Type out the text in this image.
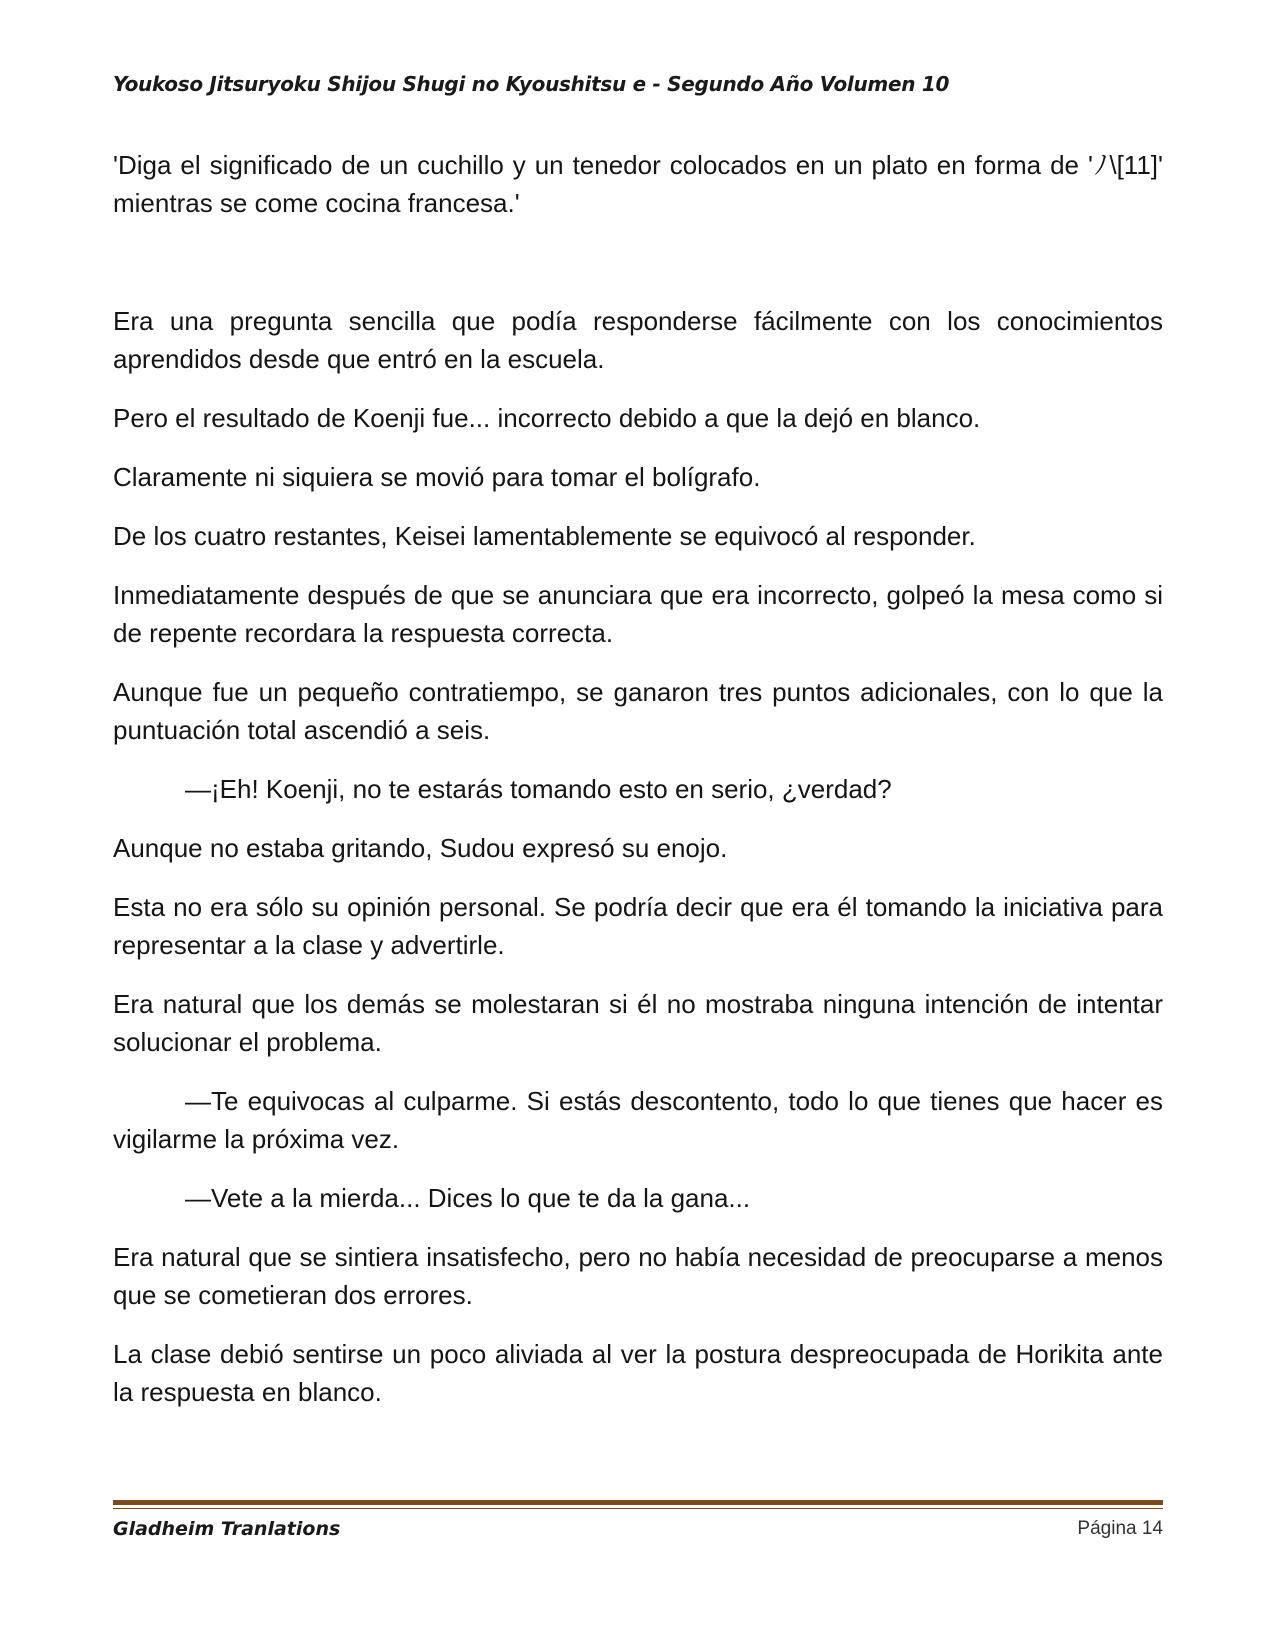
Youkoso Jitsuryoku Shijou Shugi no Kyoushitsu e - Segundo Año Volumen 10

'Diga el significado de un cuchillo y un tenedor colocados en un plato en forma de 'ﾉ\[11]' mientras se come cocina francesa.'

Era una pregunta sencilla que podía responderse fácilmente con los conocimientos aprendidos desde que entró en la escuela.

Pero el resultado de Koenji fue... incorrecto debido a que la dejó en blanco.

Claramente ni siquiera se movió para tomar el bolígrafo.

De los cuatro restantes, Keisei lamentablemente se equivocó al responder.

Inmediatamente después de que se anunciara que era incorrecto, golpeó la mesa como si de repente recordara la respuesta correcta.

Aunque fue un pequeño contratiempo, se ganaron tres puntos adicionales, con lo que la puntuación total ascendió a seis.

—¡Eh! Koenji, no te estarás tomando esto en serio, ¿verdad?

Aunque no estaba gritando, Sudou expresó su enojo.

Esta no era sólo su opinión personal. Se podría decir que era él tomando la iniciativa para representar a la clase y advertirle.

Era natural que los demás se molestaran si él no mostraba ninguna intención de intentar solucionar el problema.

—Te equivocas al culparme. Si estás descontento, todo lo que tienes que hacer es vigilarme la próxima vez.

—Vete a la mierda... Dices lo que te da la gana...

Era natural que se sintiera insatisfecho, pero no había necesidad de preocuparse a menos que se cometieran dos errores.

La clase debió sentirse un poco aliviada al ver la postura despreocupada de Horikita ante la respuesta en blanco.

Gladheim Tranlations	Página 14
